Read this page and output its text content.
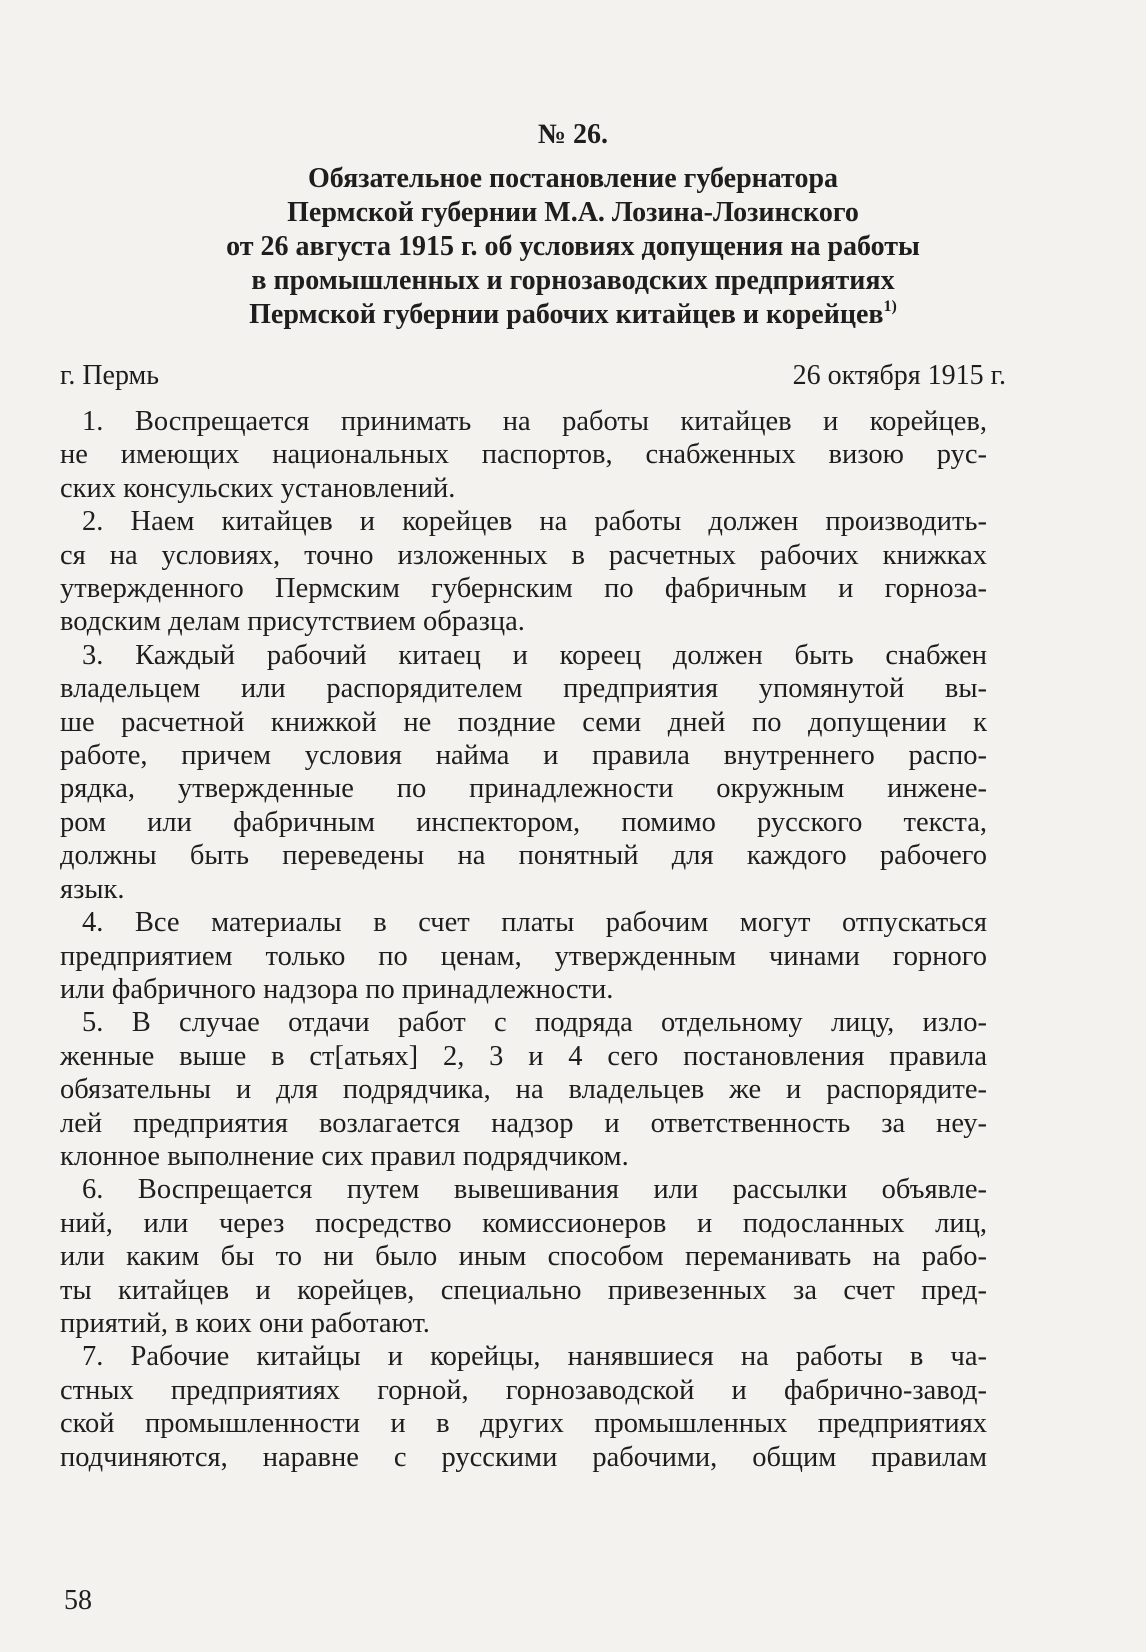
№ 26.
Обязательное постановление губернатора
Пермской губернии М.А. Лозина-Лозинского
от 26 августа 1915 г. об условиях допущения на работы
в промышленных и горнозаводских предприятиях
Пермской губернии рабочих китайцев и корейцев$^{1)}$
г. Пермь	26 октября 1915 г.
1. Воспрещается принимать на работы китайцев и корейцев,
не имеющих национальных паспортов, снабженных визою рус-
ских консульских установлений.
2. Наем китайцев и корейцев на работы должен производить-
ся на условиях, точно изложенных в расчетных рабочих книжках
утвержденного Пермским губернским по фабричным и горноза-
водским делам присутствием образца.
3. Каждый рабочий китаец и кореец должен быть снабжен
владельцем или распорядителем предприятия упомянутой вы-
ше расчетной книжкой не поздние семи дней по допущении к
работе, причем условия найма и правила внутреннего распо-
рядка, утвержденные по принадлежности окружным инжене-
ром или фабричным инспектором, помимо русского текста,
должны быть переведены на понятный для каждого рабочего
язык.
4. Все материалы в счет платы рабочим могут отпускаться
предприятием только по ценам, утвержденным чинами горного
или фабричного надзора по принадлежности.
5. В случае отдачи работ с подряда отдельному лицу, изло-
женные выше в ст[атьях] 2, 3 и 4 сего постановления правила
обязательны и для подрядчика, на владельцев же и распорядите-
лей предприятия возлагается надзор и ответственность за неу-
клонное выполнение сих правил подрядчиком.
6. Воспрещается путем вывешивания или рассылки объявле-
ний, или через посредство комиссионеров и подосланных лиц,
или каким бы то ни было иным способом переманивать на рабо-
ты китайцев и корейцев, специально привезенных за счет пред-
приятий, в коих они работают.
7. Рабочие китайцы и корейцы, нанявшиеся на работы в ча-
стных предприятиях горной, горнозаводской и фабрично-завод-
ской промышленности и в других промышленных предприятиях
подчиняются, наравне с русскими рабочими, общим правилам
58
